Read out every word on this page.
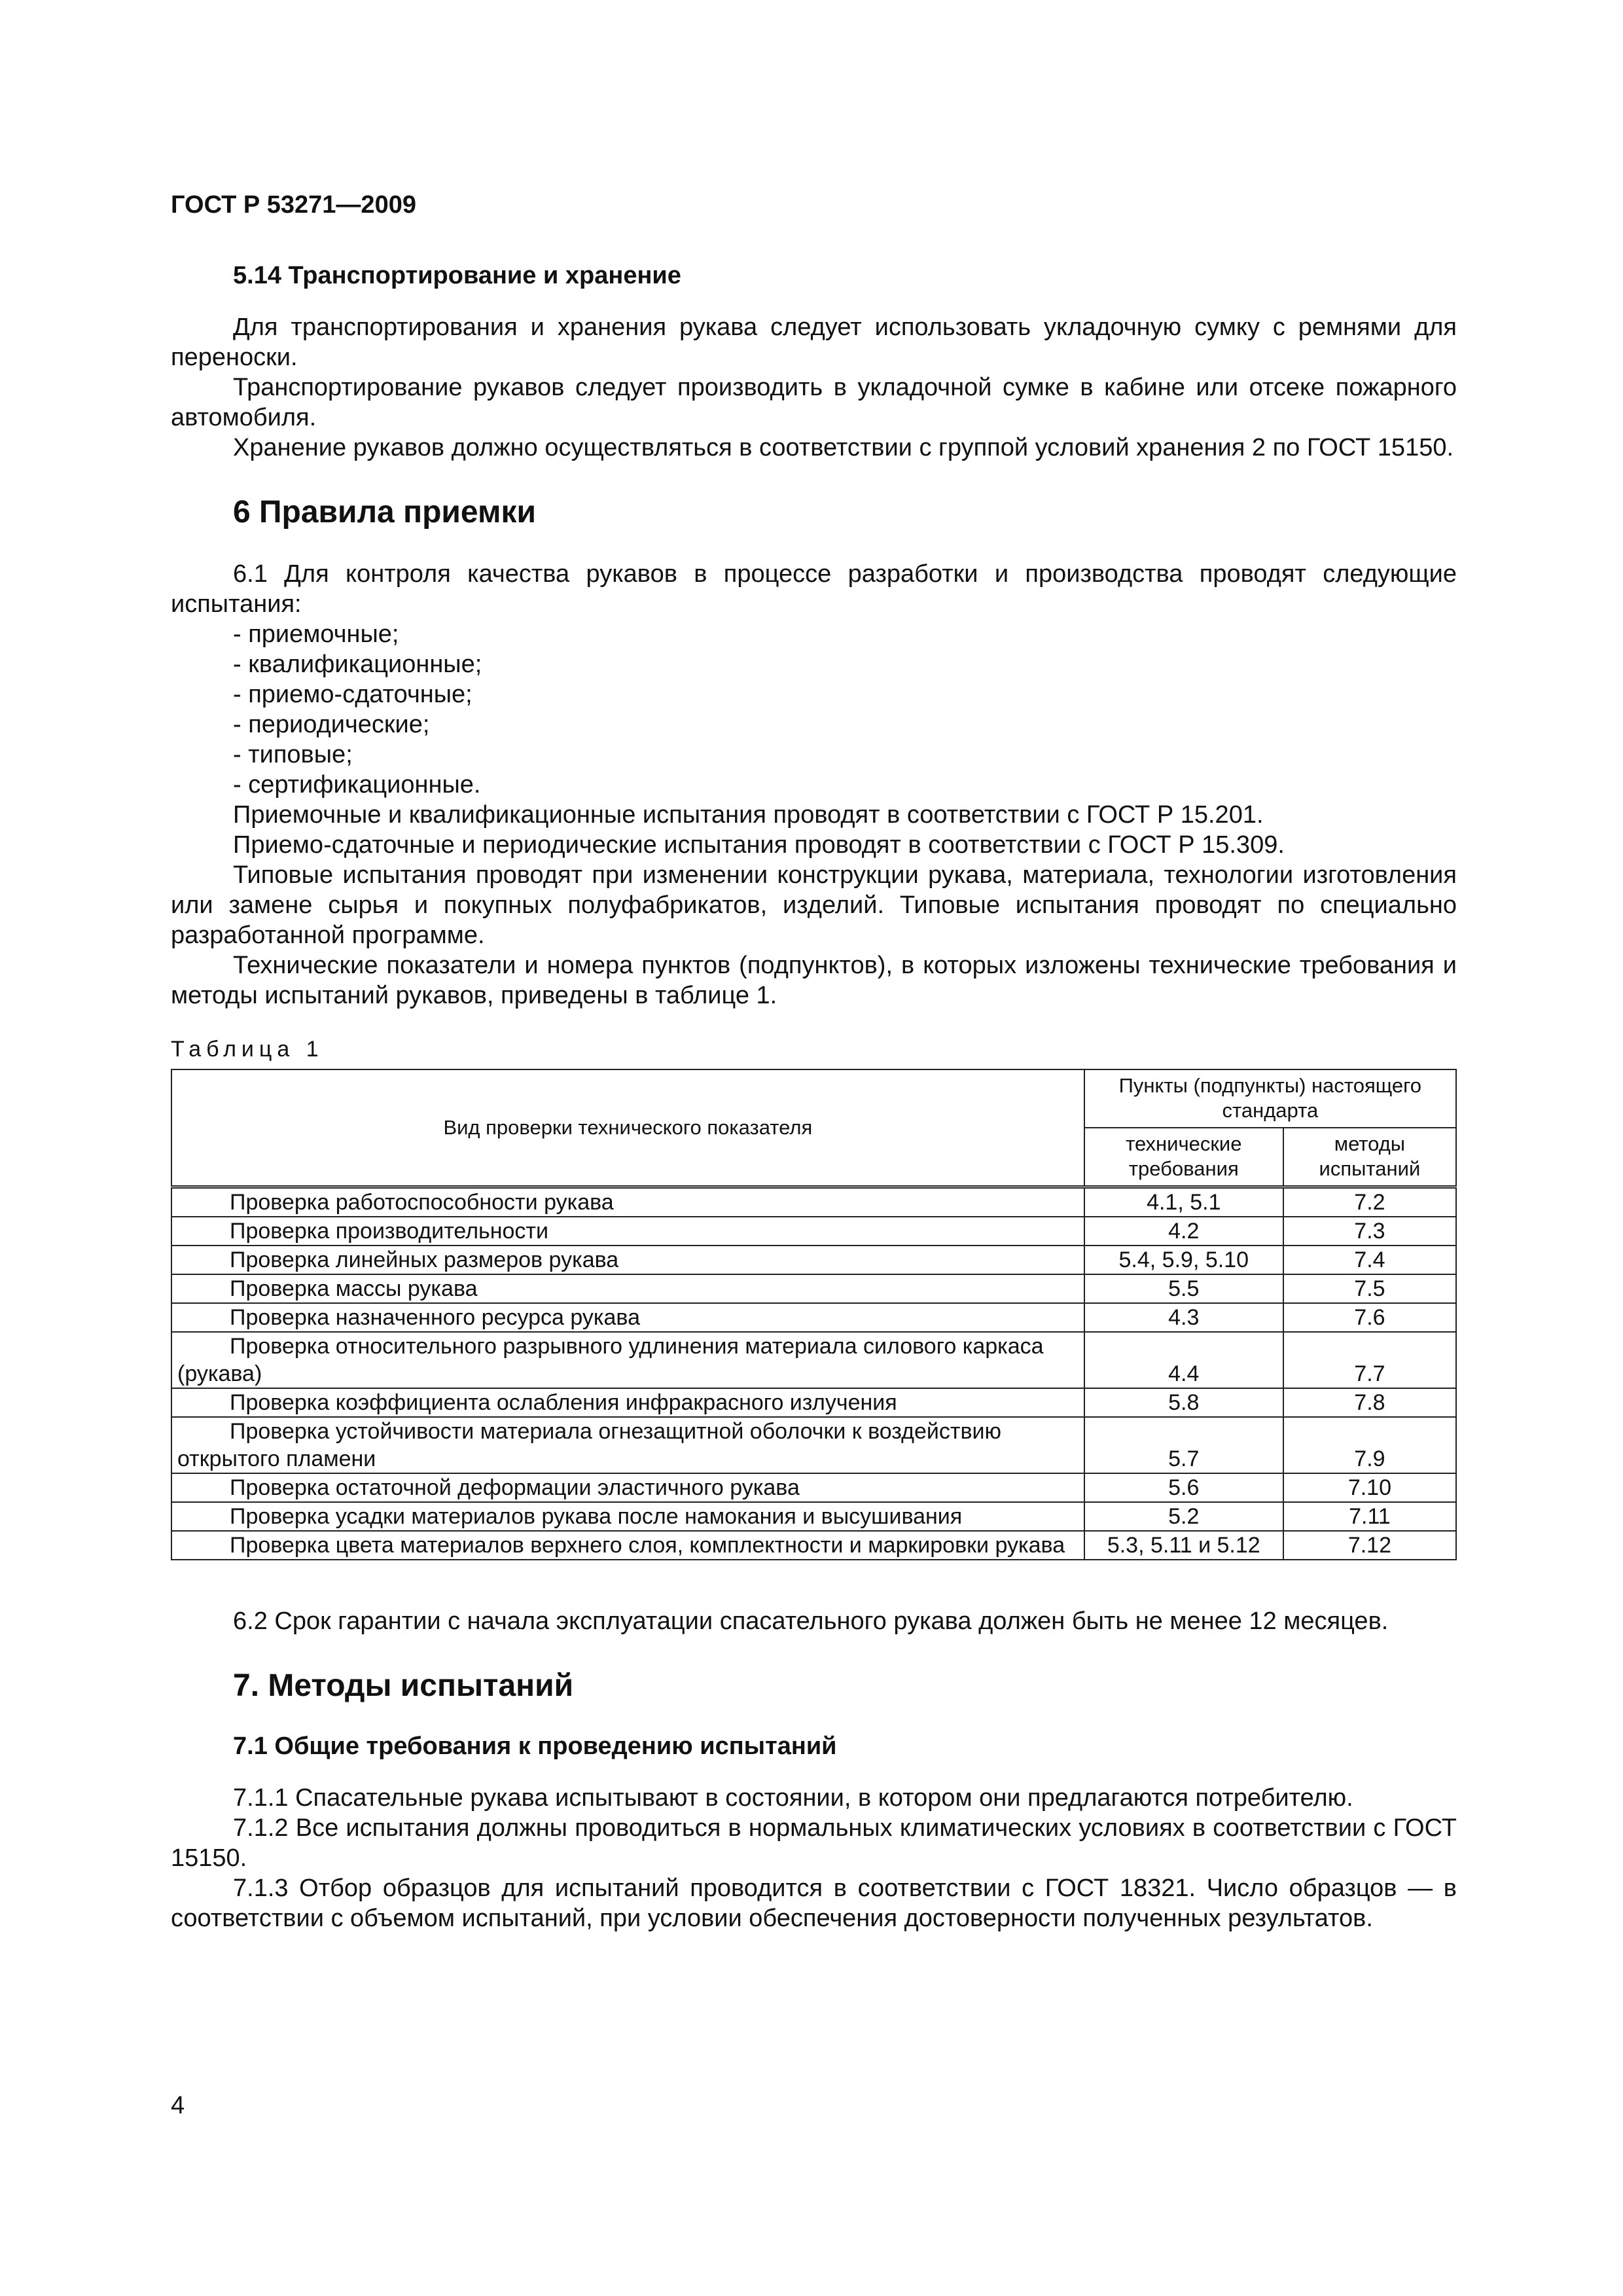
ГОСТ Р 53271—2009
5.14 Транспортирование и хранение

Для транспортирования и хранения рукава следует использовать укладочную сумку с ремнями для переноски.

Транспортирование рукавов следует производить в укладочной сумке в кабине или отсеке пожарного автомобиля.

Хранение рукавов должно осуществляться в соответствии с группой условий хранения 2 по ГОСТ 15150.

6 Правила приемки

6.1 Для контроля качества рукавов в процессе разработки и производства проводят следующие испытания:

- приемочные;

- квалификационные;

- приемо-сдаточные;

- периодические;

- типовые;

- сертификационные.

Приемочные и квалификационные испытания проводят в соответствии с ГОСТ Р 15.201.

Приемо-сдаточные и периодические испытания проводят в соответствии с ГОСТ Р 15.309.

Типовые испытания проводят при изменении конструкции рукава, материала, технологии изготовления или замене сырья и покупных полуфабрикатов, изделий. Типовые испытания проводят по специально разработанной программе.

Технические показатели и номера пунктов (подпунктов), в которых изложены технические требования и методы испытаний рукавов, приведены в таблице 1.

Таблица 1
Вид проверки технического показателя	Пункты (подпункты) настоящего стандарта	
	технические требования	методы испытаний
Проверка работоспособности рукава	4.1, 5.1	7.2
Проверка производительности	4.2	7.3
Проверка линейных размеров рукава	5.4, 5.9, 5.10	7.4
Проверка массы рукава	5.5	7.5
Проверка назначенного ресурса рукава	4.3	7.6
Проверка относительного разрывного удлинения материала силового каркаса (рукава)	4.4	7.7
Проверка коэффициента ослабления инфракрасного излучения	5.8	7.8
Проверка устойчивости материала огнезащитной оболочки к воздействию открытого пламени	5.7	7.9
Проверка остаточной деформации эластичного рукава	5.6	7.10
Проверка усадки материалов рукава после намокания и высушивания	5.2	7.11
Проверка цвета материалов верхнего слоя, комплектности и маркировки рукава	5.3, 5.11 и 5.12	7.12

6.2 Срок гарантии с начала эксплуатации спасательного рукава должен быть не менее 12 месяцев.

7. Методы испытаний
7.1 Общие требования к проведению испытаний

7.1.1 Спасательные рукава испытывают в состоянии, в котором они предлагаются потребителю.

7.1.2 Все испытания должны проводиться в нормальных климатических условиях в соответствии с ГОСТ 15150.

7.1.3 Отбор образцов для испытаний проводится в соответствии с ГОСТ 18321. Число образцов — в соответствии с объемом испытаний, при условии обеспечения достоверности полученных результатов.

4
